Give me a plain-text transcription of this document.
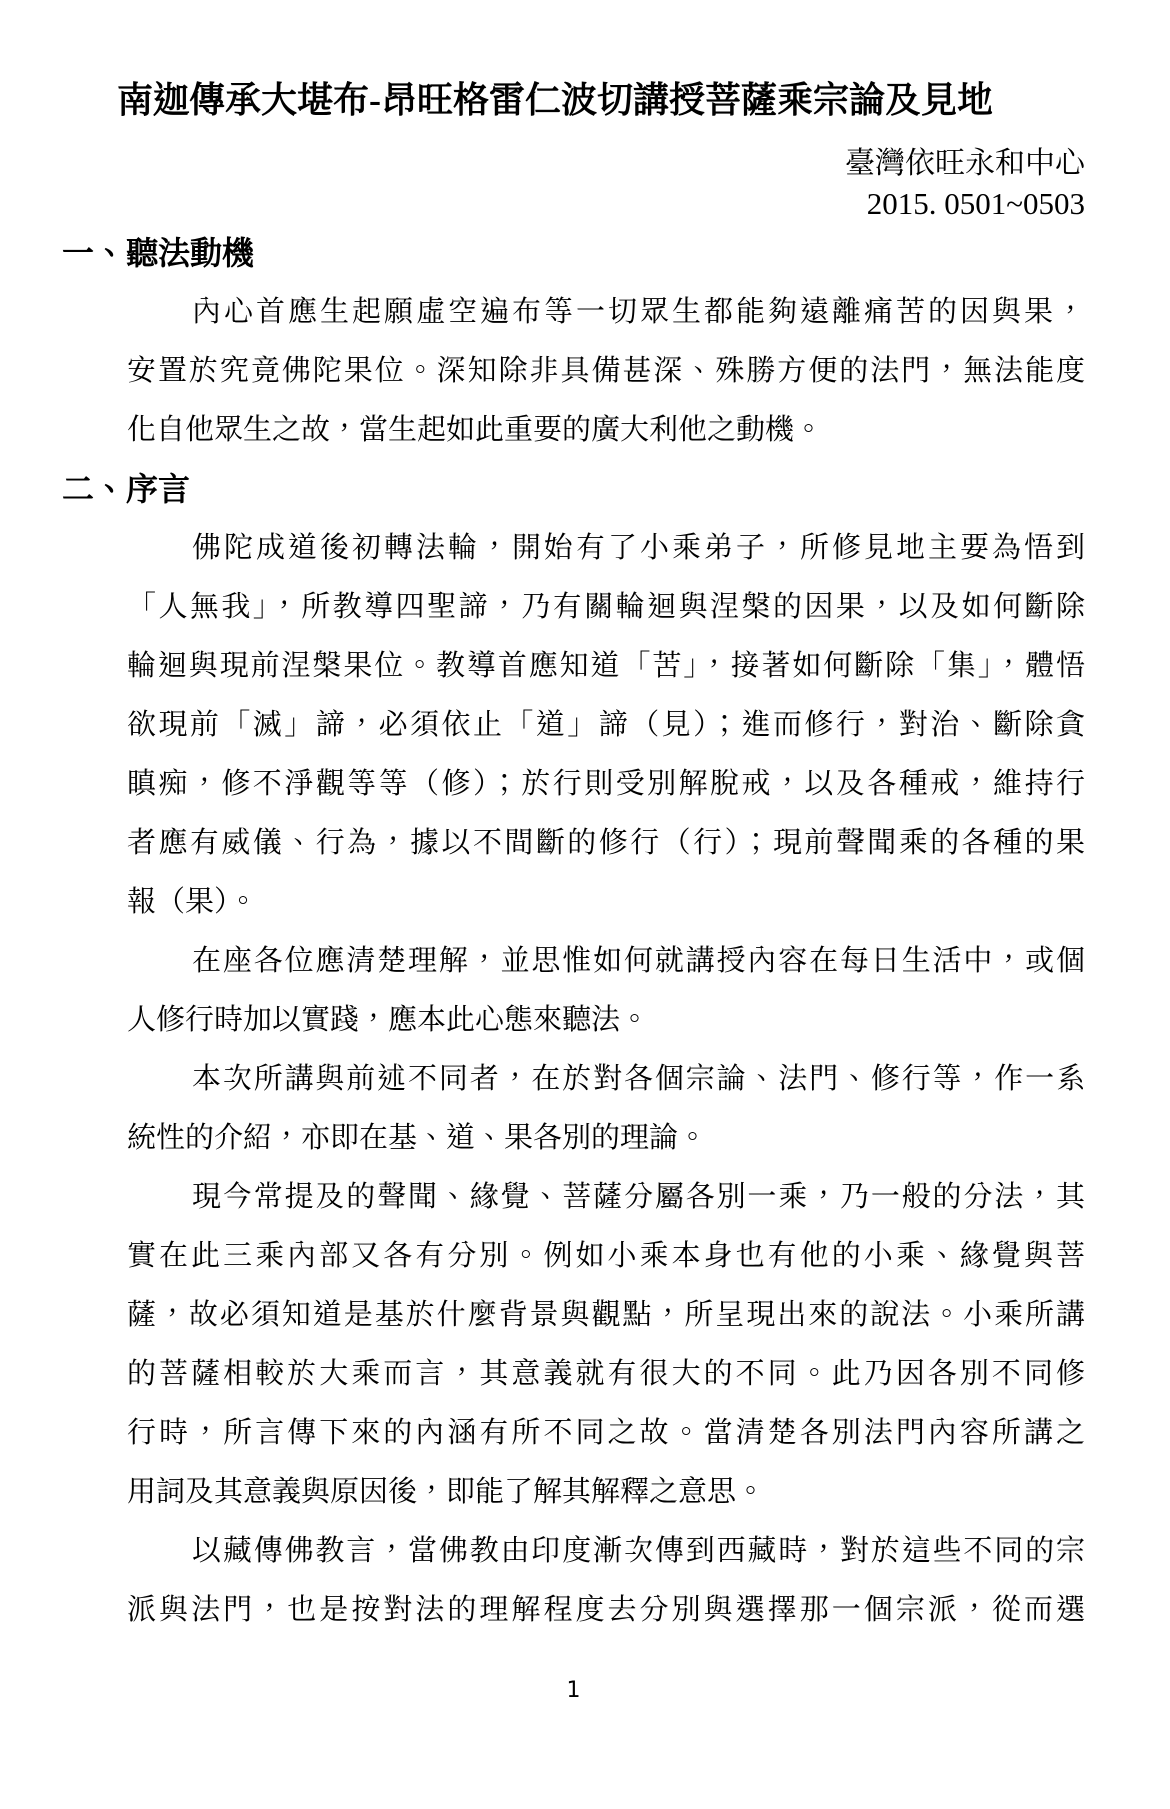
南迦傳承大堪布-昂旺格雷仁波切講授菩薩乘宗論及見地
臺灣依旺永和中心
2015. 0501~0503
一、聽法動機
內心首應生起願虛空遍布等一切眾生都能夠遠離痛苦的因與果，
安置於究竟佛陀果位。深知除非具備甚深、殊勝方便的法門，無法能度
化自他眾生之故，當生起如此重要的廣大利他之動機。
二、序言
佛陀成道後初轉法輪，開始有了小乘弟子，所修見地主要為悟到
「人無我」，所教導四聖諦，乃有關輪迴與涅槃的因果，以及如何斷除
輪迴與現前涅槃果位。教導首應知道「苦」，接著如何斷除「集」，體悟
欲現前「滅」諦，必須依止「道」諦（見）；進而修行，對治、斷除貪
瞋痴，修不淨觀等等（修）；於行則受別解脫戒，以及各種戒，維持行
者應有威儀、行為，據以不間斷的修行（行）；現前聲聞乘的各種的果
報（果）。
在座各位應清楚理解，並思惟如何就講授內容在每日生活中，或個
人修行時加以實踐，應本此心態來聽法。
本次所講與前述不同者，在於對各個宗論、法門、修行等，作一系
統性的介紹，亦即在基、道、果各別的理論。
現今常提及的聲聞、緣覺、菩薩分屬各別一乘，乃一般的分法，其
實在此三乘內部又各有分別。例如小乘本身也有他的小乘、緣覺與菩
薩，故必須知道是基於什麼背景與觀點，所呈現出來的說法。小乘所講
的菩薩相較於大乘而言，其意義就有很大的不同。此乃因各別不同修
行時，所言傳下來的內涵有所不同之故。當清楚各別法門內容所講之
用詞及其意義與原因後，即能了解其解釋之意思。
以藏傳佛教言，當佛教由印度漸次傳到西藏時，對於這些不同的宗
派與法門，也是按對法的理解程度去分別與選擇那一個宗派，從而選
1
